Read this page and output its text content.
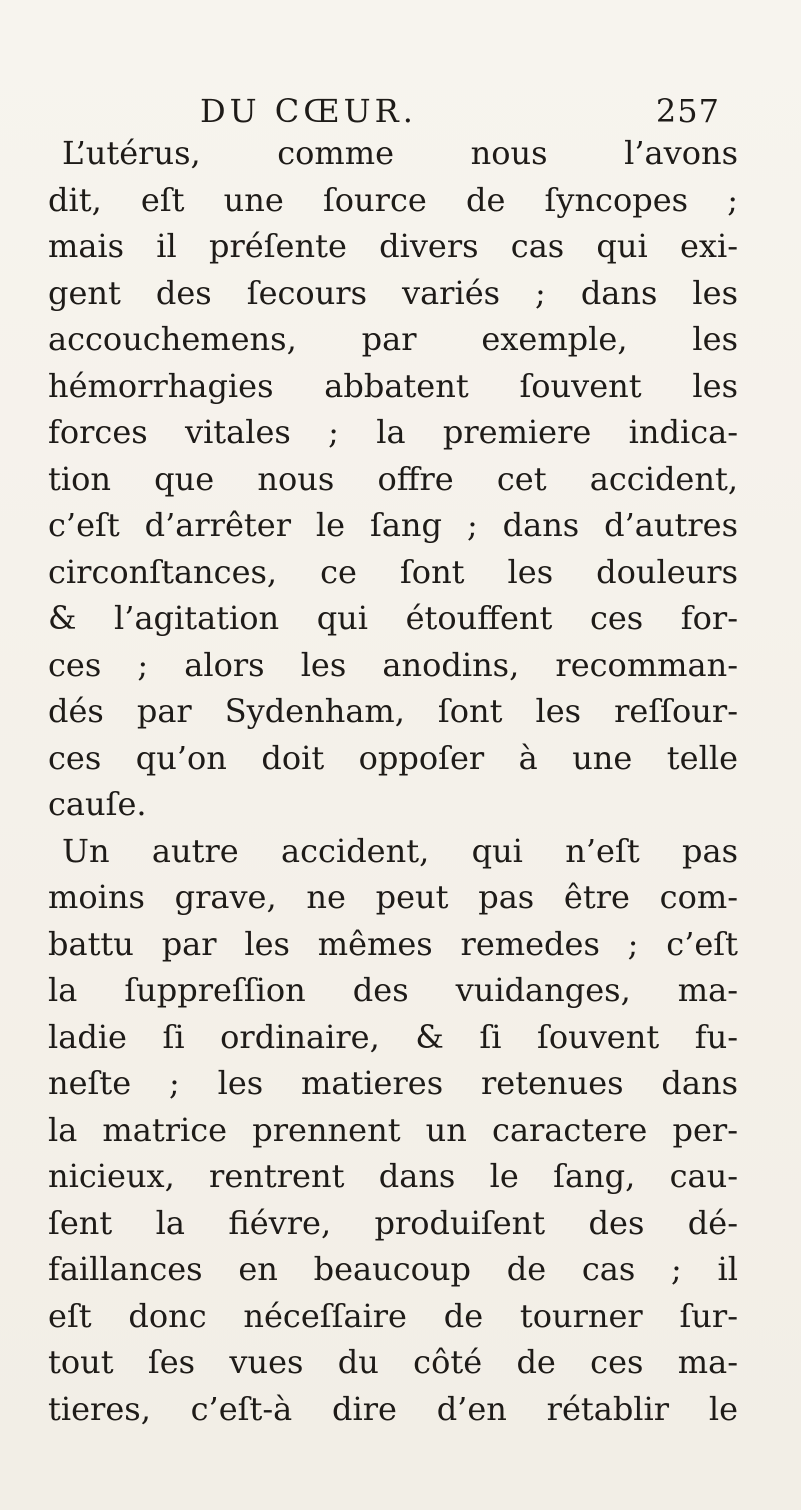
DU CŒUR.	257
L’utérus, comme nous l’avons
dit, eſt une ſource de ſyncopes ;
mais il préſente divers cas qui exi-
gent des ſecours variés ; dans les
accouchemens, par exemple, les
hémorrhagies abbatent ſouvent les
forces vitales ; la premiere indica-
tion que nous offre cet accident,
c’eſt d’arrêter le ſang ; dans d’autres
circonſtances, ce ſont les douleurs
& l’agitation qui étouffent ces for-
ces ; alors les anodins, recomman-
dés par Sydenham, ſont les reſſour-
ces qu’on doit oppoſer à une telle
cauſe.
Un autre accident, qui n’eſt pas
moins grave, ne peut pas être com-
battu par les mêmes remedes ; c’eſt
la ſuppreſſion des vuidanges, ma-
ladie ſi ordinaire, & ſi ſouvent fu-
neſte ; les matieres retenues dans
la matrice prennent un caractere per-
nicieux, rentrent dans le ſang, cau-
ſent la fiévre, produiſent des dé-
faillances en beaucoup de cas ; il
eſt donc néceſſaire de tourner ſur-
tout ſes vues du côté de ces ma-
tieres, c’eſt-à dire d’en rétablir le
